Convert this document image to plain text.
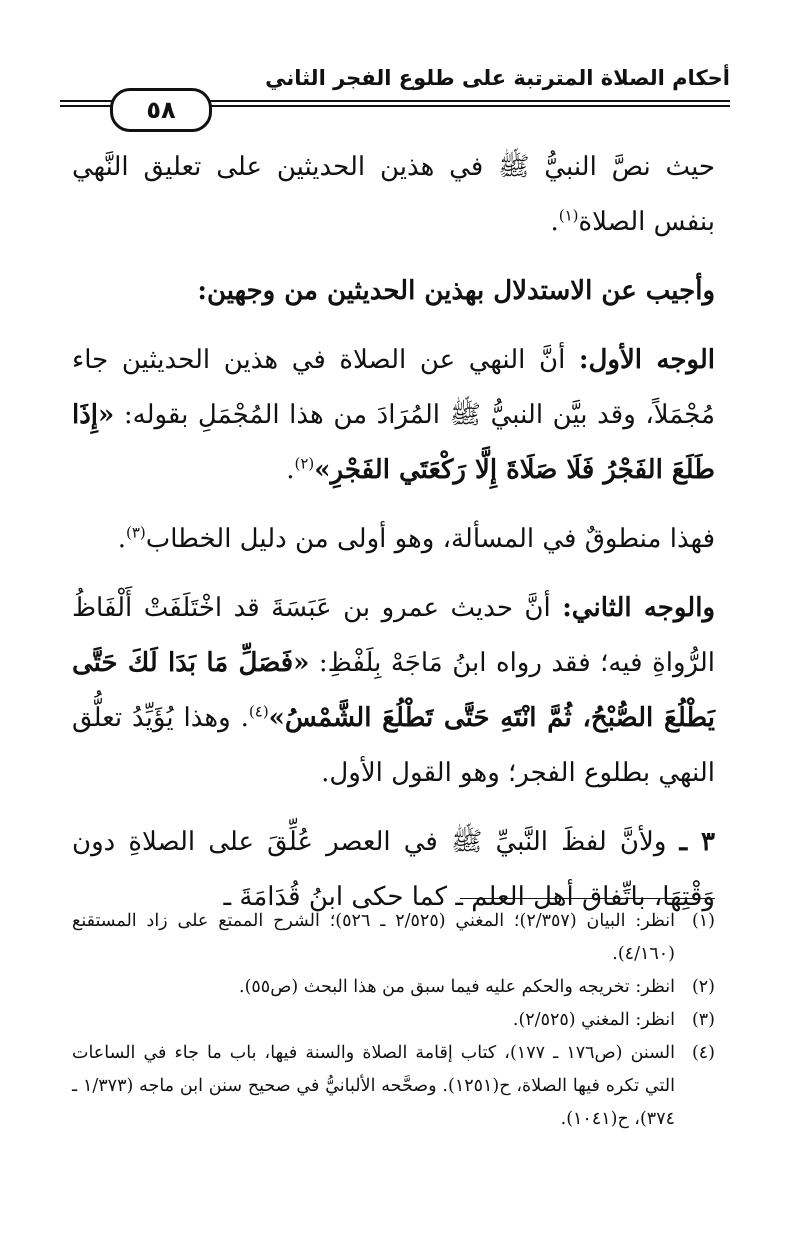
أحكام الصلاة المترتبة على طلوع الفجر الثاني
٥٨

حيث نصَّ النبيُّ ﷺ في هذين الحديثين على تعليق النَّهي بنفس الصلاة$^{(١)}$.

وأجيب عن الاستدلال بهذين الحديثين من وجهين:

الوجه الأول: أنَّ النهي عن الصلاة في هذين الحديثين جاء مُجْمَلاً، وقد بيَّن النبيُّ ﷺ المُرَادَ من هذا المُجْمَلِ بقوله: «إِذَا طَلَعَ الفَجْرُ فَلَا صَلَاةَ إِلَّا رَكْعَتَي الفَجْرِ»$^{(٢)}$.

فهذا منطوقٌ في المسألة، وهو أولى من دليل الخطاب$^{(٣)}$.

والوجه الثاني: أنَّ حديث عمرو بن عَبَسَةَ قد اخْتَلَفَتْ أَلْفَاظُ الرُّواةِ فيه؛ فقد رواه ابنُ مَاجَهْ بِلَفْظِ: «فَصَلِّ مَا بَدَا لَكَ حَتَّى يَطْلُعَ الصُّبْحُ، ثُمَّ انْتَهِ حَتَّى تَطْلُعَ الشَّمْسُ»$^{(٤)}$. وهذا يُؤَيِّدُ تعلُّق النهي بطلوع الفجر؛ وهو القول الأول.

٣ ـ ولأنَّ لفظَ النَّبيِّ ﷺ في العصر عُلِّقَ على الصلاةِ دون وَقْتِهَا، باتِّفاق أهل العلم ـ كما حكى ابنُ قُدَامَةَ ـ

(١)
انظر: البيان (٢/٣٥٧)؛ المغني (٢/٥٢٥ ـ ٥٢٦)؛ الشرح الممتع على زاد المستقنع (٤/١٦٠).
(٢)
انظر: تخريجه والحكم عليه فيما سبق من هذا البحث (ص٥٥).
(٣)
انظر: المغني (٢/٥٢٥).
(٤)
السنن (ص١٧٦ ـ ١٧٧)، كتاب إقامة الصلاة والسنة فيها، باب ما جاء في الساعات التي تكره فيها الصلاة، ح(١٢٥١). وصحَّحه الألبانيُّ في صحيح سنن ابن ماجه (١/٣٧٣ ـ ٣٧٤)، ح(١٠٤١).
